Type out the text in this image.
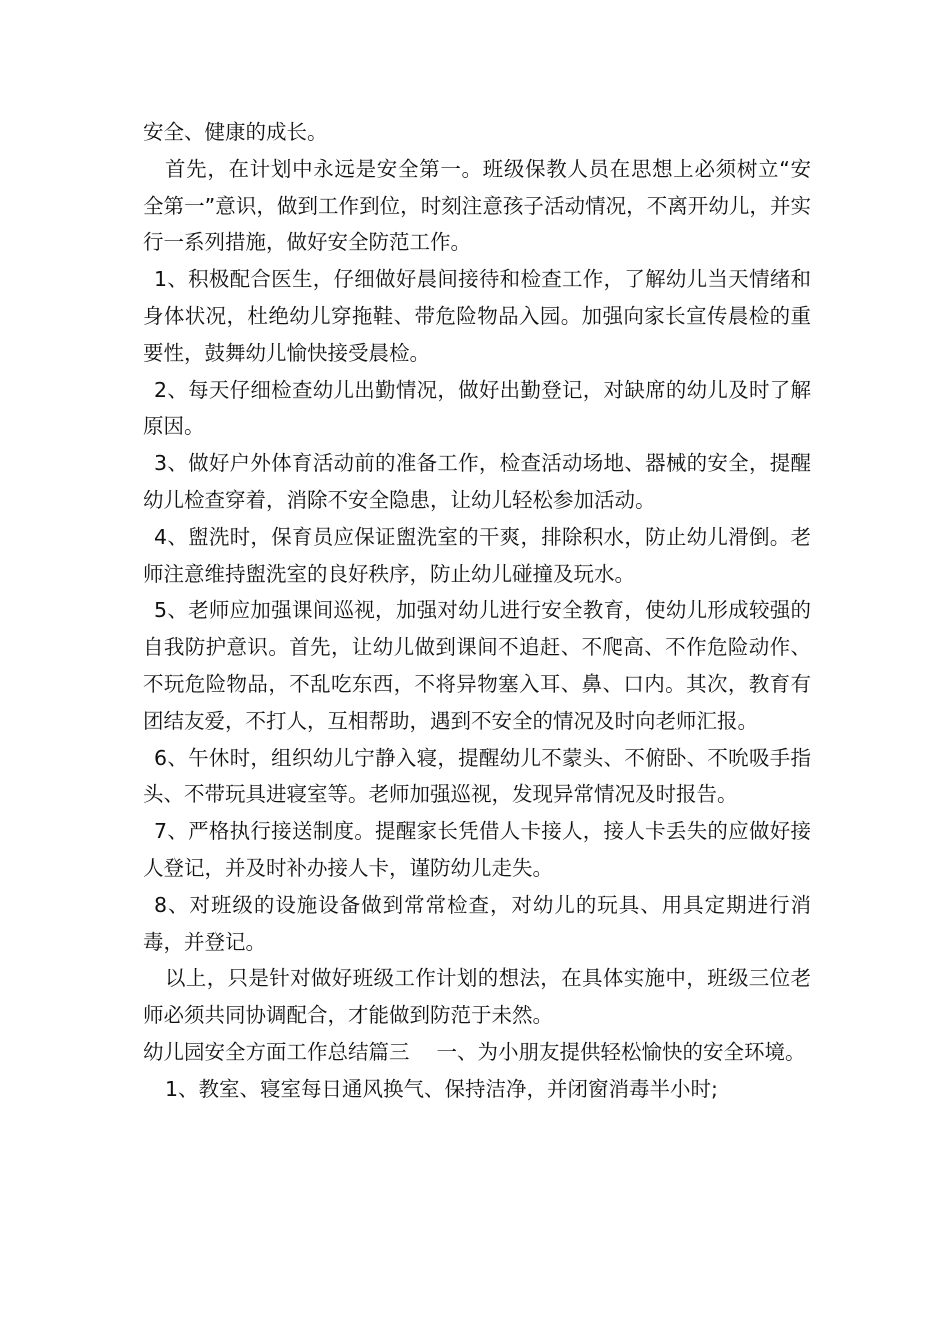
安全、健康的成长。

首先，在计划中永远是安全第一。班级保教人员在思想上必须树立“安全第一”意识，做到工作到位，时刻注意孩子活动情况，不离开幼儿，并实行一系列措施，做好安全防范工作。

1、积极配合医生，仔细做好晨间接待和检查工作，了解幼儿当天情绪和身体状况，杜绝幼儿穿拖鞋、带危险物品入园。加强向家长宣传晨检的重要性，鼓舞幼儿愉快接受晨检。

2、每天仔细检查幼儿出勤情况，做好出勤登记，对缺席的幼儿及时了解原因。

3、做好户外体育活动前的准备工作，检查活动场地、器械的安全，提醒幼儿检查穿着，消除不安全隐患，让幼儿轻松参加活动。

4、盥洗时，保育员应保证盥洗室的干爽，排除积水，防止幼儿滑倒。老师注意维持盥洗室的良好秩序，防止幼儿碰撞及玩水。

5、老师应加强课间巡视，加强对幼儿进行安全教育，使幼儿形成较强的自我防护意识。首先，让幼儿做到课间不追赶、不爬高、不作危险动作、不玩危险物品，不乱吃东西，不将异物塞入耳、鼻、口内。其次，教育有团结友爱，不打人，互相帮助，遇到不安全的情况及时向老师汇报。

6、午休时，组织幼儿宁静入寝，提醒幼儿不蒙头、不俯卧、不吮吸手指头、不带玩具进寝室等。老师加强巡视，发现异常情况及时报告。

7、严格执行接送制度。提醒家长凭借人卡接人，接人卡丢失的应做好接人登记，并及时补办接人卡，谨防幼儿走失。

8、对班级的设施设备做到常常检查，对幼儿的玩具、用具定期进行消毒，并登记。

以上，只是针对做好班级工作计划的想法，在具体实施中，班级三位老师必须共同协调配合，才能做到防范于未然。

幼儿园安全方面工作总结篇三　 一、为小朋友提供轻松愉快的安全环境。

1、教室、寝室每日通风换气、保持洁净，并闭窗消毒半小时;
